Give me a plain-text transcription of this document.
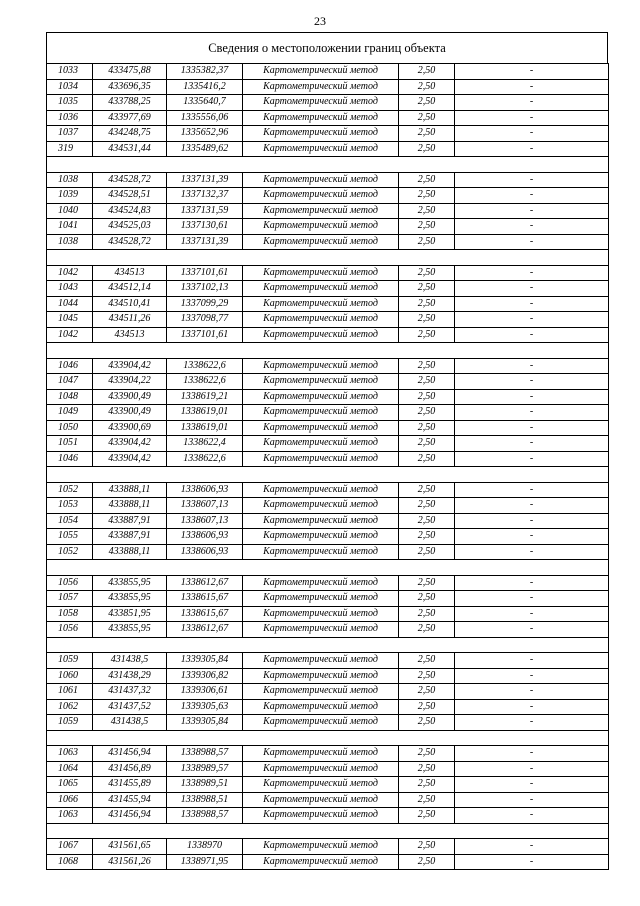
23
Сведения о местоположении границ объекта
1033	433475,88	1335382,37	Картометрический метод	2,50	-
1034	433696,35	1335416,2	Картометрический метод	2,50	-
1035	433788,25	1335640,7	Картометрический метод	2,50	-
1036	433977,69	1335556,06	Картометрический метод	2,50	-
1037	434248,75	1335652,96	Картометрический метод	2,50	-
319	434531,44	1335489,62	Картометрический метод	2,50	-

1038	434528,72	1337131,39	Картометрический метод	2,50	-
1039	434528,51	1337132,37	Картометрический метод	2,50	-
1040	434524,83	1337131,59	Картометрический метод	2,50	-
1041	434525,03	1337130,61	Картометрический метод	2,50	-
1038	434528,72	1337131,39	Картометрический метод	2,50	-

1042	434513	1337101,61	Картометрический метод	2,50	-
1043	434512,14	1337102,13	Картометрический метод	2,50	-
1044	434510,41	1337099,29	Картометрический метод	2,50	-
1045	434511,26	1337098,77	Картометрический метод	2,50	-
1042	434513	1337101,61	Картометрический метод	2,50	-

1046	433904,42	1338622,6	Картометрический метод	2,50	-
1047	433904,22	1338622,6	Картометрический метод	2,50	-
1048	433900,49	1338619,21	Картометрический метод	2,50	-
1049	433900,49	1338619,01	Картометрический метод	2,50	-
1050	433900,69	1338619,01	Картометрический метод	2,50	-
1051	433904,42	1338622,4	Картометрический метод	2,50	-
1046	433904,42	1338622,6	Картометрический метод	2,50	-

1052	433888,11	1338606,93	Картометрический метод	2,50	-
1053	433888,11	1338607,13	Картометрический метод	2,50	-
1054	433887,91	1338607,13	Картометрический метод	2,50	-
1055	433887,91	1338606,93	Картометрический метод	2,50	-
1052	433888,11	1338606,93	Картометрический метод	2,50	-

1056	433855,95	1338612,67	Картометрический метод	2,50	-
1057	433855,95	1338615,67	Картометрический метод	2,50	-
1058	433851,95	1338615,67	Картометрический метод	2,50	-
1056	433855,95	1338612,67	Картометрический метод	2,50	-

1059	431438,5	1339305,84	Картометрический метод	2,50	-
1060	431438,29	1339306,82	Картометрический метод	2,50	-
1061	431437,32	1339306,61	Картометрический метод	2,50	-
1062	431437,52	1339305,63	Картометрический метод	2,50	-
1059	431438,5	1339305,84	Картометрический метод	2,50	-

1063	431456,94	1338988,57	Картометрический метод	2,50	-
1064	431456,89	1338989,57	Картометрический метод	2,50	-
1065	431455,89	1338989,51	Картометрический метод	2,50	-
1066	431455,94	1338988,51	Картометрический метод	2,50	-
1063	431456,94	1338988,57	Картометрический метод	2,50	-

1067	431561,65	1338970	Картометрический метод	2,50	-
1068	431561,26	1338971,95	Картометрический метод	2,50	-
